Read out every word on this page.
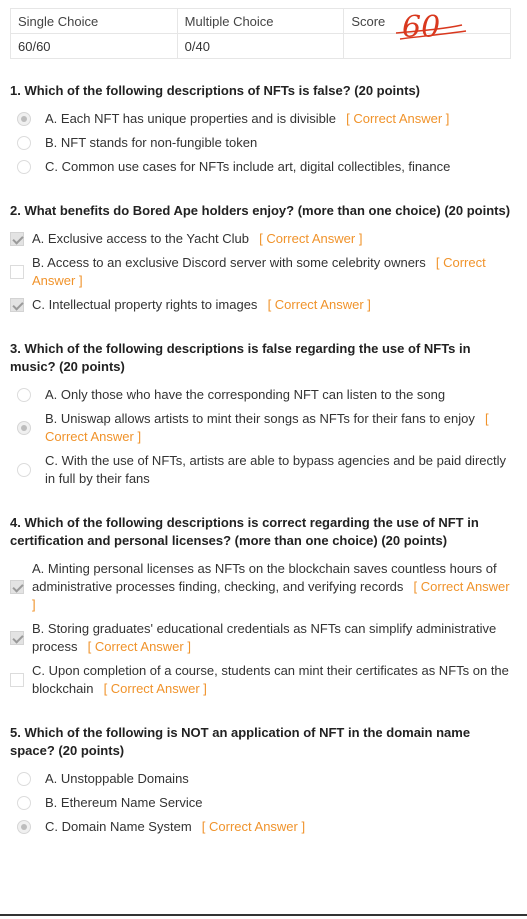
Single Choice	Multiple Choice	Score 60

60/60	0/40	
1. Which of the following descriptions of NFTs is false? (20 points)
A. Each NFT has unique properties and is divisible  [ Correct Answer ]
B. NFT stands for non-fungible token
C. Common use cases for NFTs include art, digital collectibles, finance
2. What benefits do Bored Ape holders enjoy? (more than one choice) (20 points)
A. Exclusive access to the Yacht Club  [ Correct Answer ]
B. Access to an exclusive Discord server with some celebrity owners  [ Correct Answer ]
C. Intellectual property rights to images  [ Correct Answer ]
3. Which of the following descriptions is false regarding the use of NFTs in music? (20 points)
A. Only those who have the corresponding NFT can listen to the song
B. Uniswap allows artists to mint their songs as NFTs for their fans to enjoy  [ Correct Answer ]
C. With the use of NFTs, artists are able to bypass agencies and be paid directly in full by their fans
4. Which of the following descriptions is correct regarding the use of NFT in certification and personal licenses? (more than one choice) (20 points)
A. Minting personal licenses as NFTs on the blockchain saves countless hours of administrative processes finding, checking, and verifying records  [ Correct Answer ]
B. Storing graduates' educational credentials as NFTs can simplify administrative process  [ Correct Answer ]
C. Upon completion of a course, students can mint their certificates as NFTs on the blockchain  [ Correct Answer ]
5. Which of the following is NOT an application of NFT in the domain name space? (20 points)
A. Unstoppable Domains
B. Ethereum Name Service
C. Domain Name System  [ Correct Answer ]
